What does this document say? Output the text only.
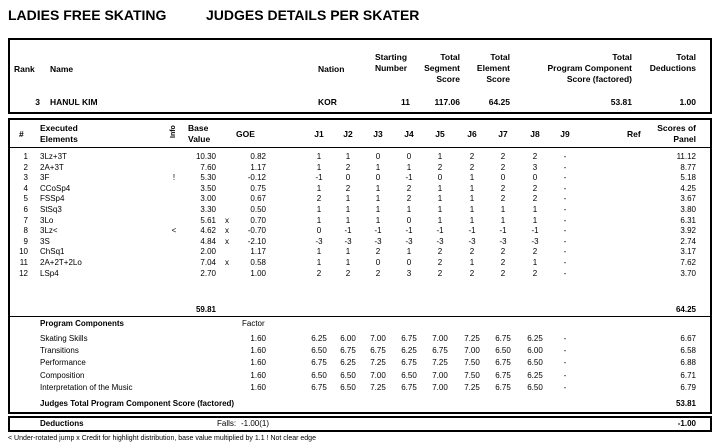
LADIES FREE SKATING	JUDGES DETAILS PER SKATER
Rank Name	Nation
Starting
Number
Total
Segment
Score
Total
Element
Score
Total
Program Component
Score (factored)
Total
Deductions
3 HANUL KIM	KOR	11	117.06	64.25	53.81	1.00
#
Executed
Elements
Info Base
Value	GOE	J1	J2	J3	J4	J5	J6	J7	J8	J9	Ref
Scores of
Panel
1 3Lz+3T	10.30	0.82	1	1	0	0	1	2	2	2	-	11.12
2 2A+3T	7.60	1.17	1	2	1	1	2	2	2	3	-	8.77
3 3F	!	5.30	-0.12	-1	0	0	-1	0	1	0	0	-	5.18
4 CCoSp4	3.50	0.75	1	2	1	2	1	1	2	2	-	4.25
5 FSSp4	3.00	0.67	2	1	1	2	1	1	2	2	-	3.67
6 StSq3	3.30	0.50	1	1	1	1	1	1	1	1	-	3.80
7 3Lo	5.61 x	0.70	1	1	1	0	1	1	1	1	-	6.31
8 3Lz<	<	4.62 x	-0.70	0	-1	-1	-1	-1	-1	-1	-1	-	3.92
9 3S	4.84 x	-2.10	-3	-3	-3	-3	-3	-3	-3	-3	-	2.74
10 ChSq1	2.00	1.17	1	1	2	1	2	2	2	2	-	3.17
11 2A+2T+2Lo	7.04 x	0.58	1	1	0	0	2	1	2	1	-	7.62
12 LSp4	2.70	1.00	2	2	2	3	2	2	2	2	-	3.70
59.81	64.25
Program Components	Factor
Skating Skills	1.60	6.25	6.00	7.00	6.75	7.00	7.25	6.75	6.25	-	6.67
Transitions	1.60	6.50	6.75	6.75	6.25	6.75	7.00	6.50	6.00	-	6.58
Performance	1.60	6.75	6.25	7.25	6.75	7.25	7.50	6.75	6.50	-	6.88
Composition	1.60	6.50	6.50	7.00	6.50	7.00	7.50	6.75	6.25	-	6.71
Interpretation of the Music	1.60	6.75	6.50	7.25	6.75	7.00	7.25	6.75	6.50	-	6.79
Judges Total Program Component Score (factored)	53.81
Deductions	Falls: -1.00(1)	-1.00
< Under-rotated jump x Credit for highlight distribution, base value multiplied by 1.1 ! Not clear edge
